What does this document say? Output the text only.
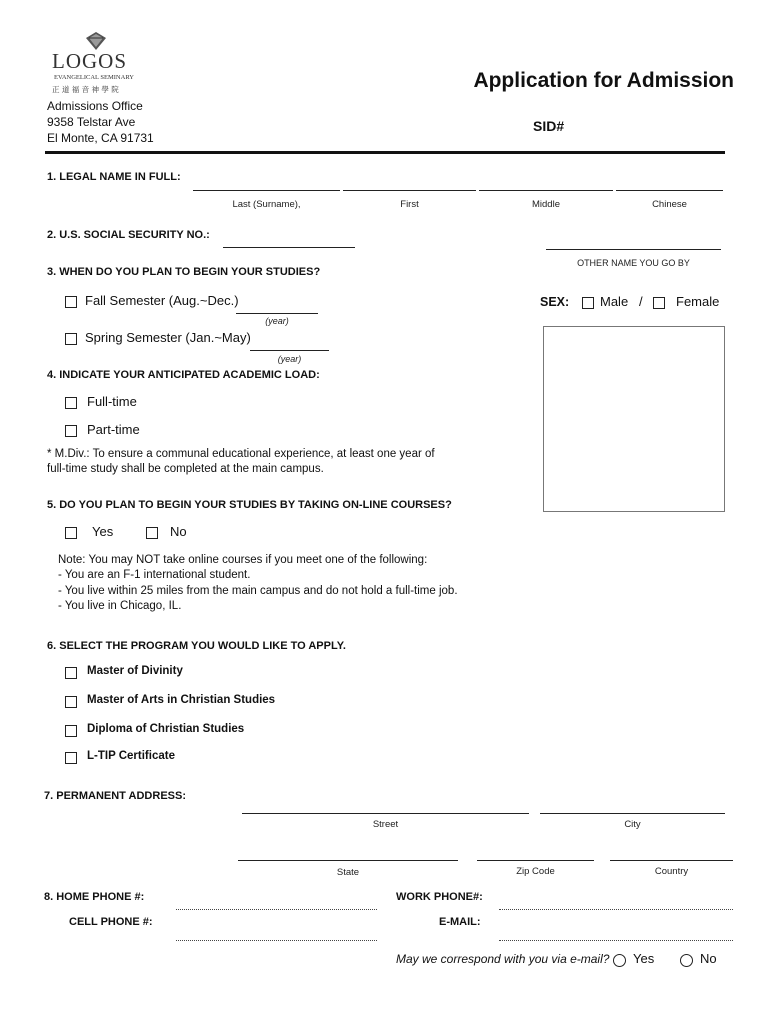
LOGOS
EVANGELICAL SEMINARY
正 道 福 音 神 學 院
Admissions Office
9358 Telstar Ave
El Monte, CA 91731
Application for Admission
SID#
1. LEGAL NAME IN FULL:
Last (Surname),	First	Middle	Chinese
2. U.S. SOCIAL SECURITY NO.:
OTHER NAME YOU GO BY
3. WHEN DO YOU PLAN TO BEGIN YOUR STUDIES?
Fall Semester (Aug.~Dec.)
(year)
Spring Semester (Jan.~May)
(year)
SEX: Male /	Female
4. INDICATE YOUR ANTICIPATED ACADEMIC LOAD:
Full-time
Part-time
* M.Div.: To ensure a communal educational experience, at least one year of
full-time study shall be completed at the main campus.
5. DO YOU PLAN TO BEGIN YOUR STUDIES BY TAKING ON-LINE COURSES?
Yes	No
Note: You may NOT take online courses if you meet one of the following:
- You are an F-1 international student.
- You live within 25 miles from the main campus and do not hold a full-time job.
- You live in Chicago, IL.
6. SELECT THE PROGRAM YOU WOULD LIKE TO APPLY.
Master of Divinity
Master of Arts in Christian Studies
Diploma of Christian Studies
L-TIP Certificate
7. PERMANENT ADDRESS:
Street	City
State	Zip Code	Country
8. HOME PHONE #:	WORK PHONE#:
CELL PHONE #:	E-MAIL:
May we correspond with you via e-mail? Yes	No
